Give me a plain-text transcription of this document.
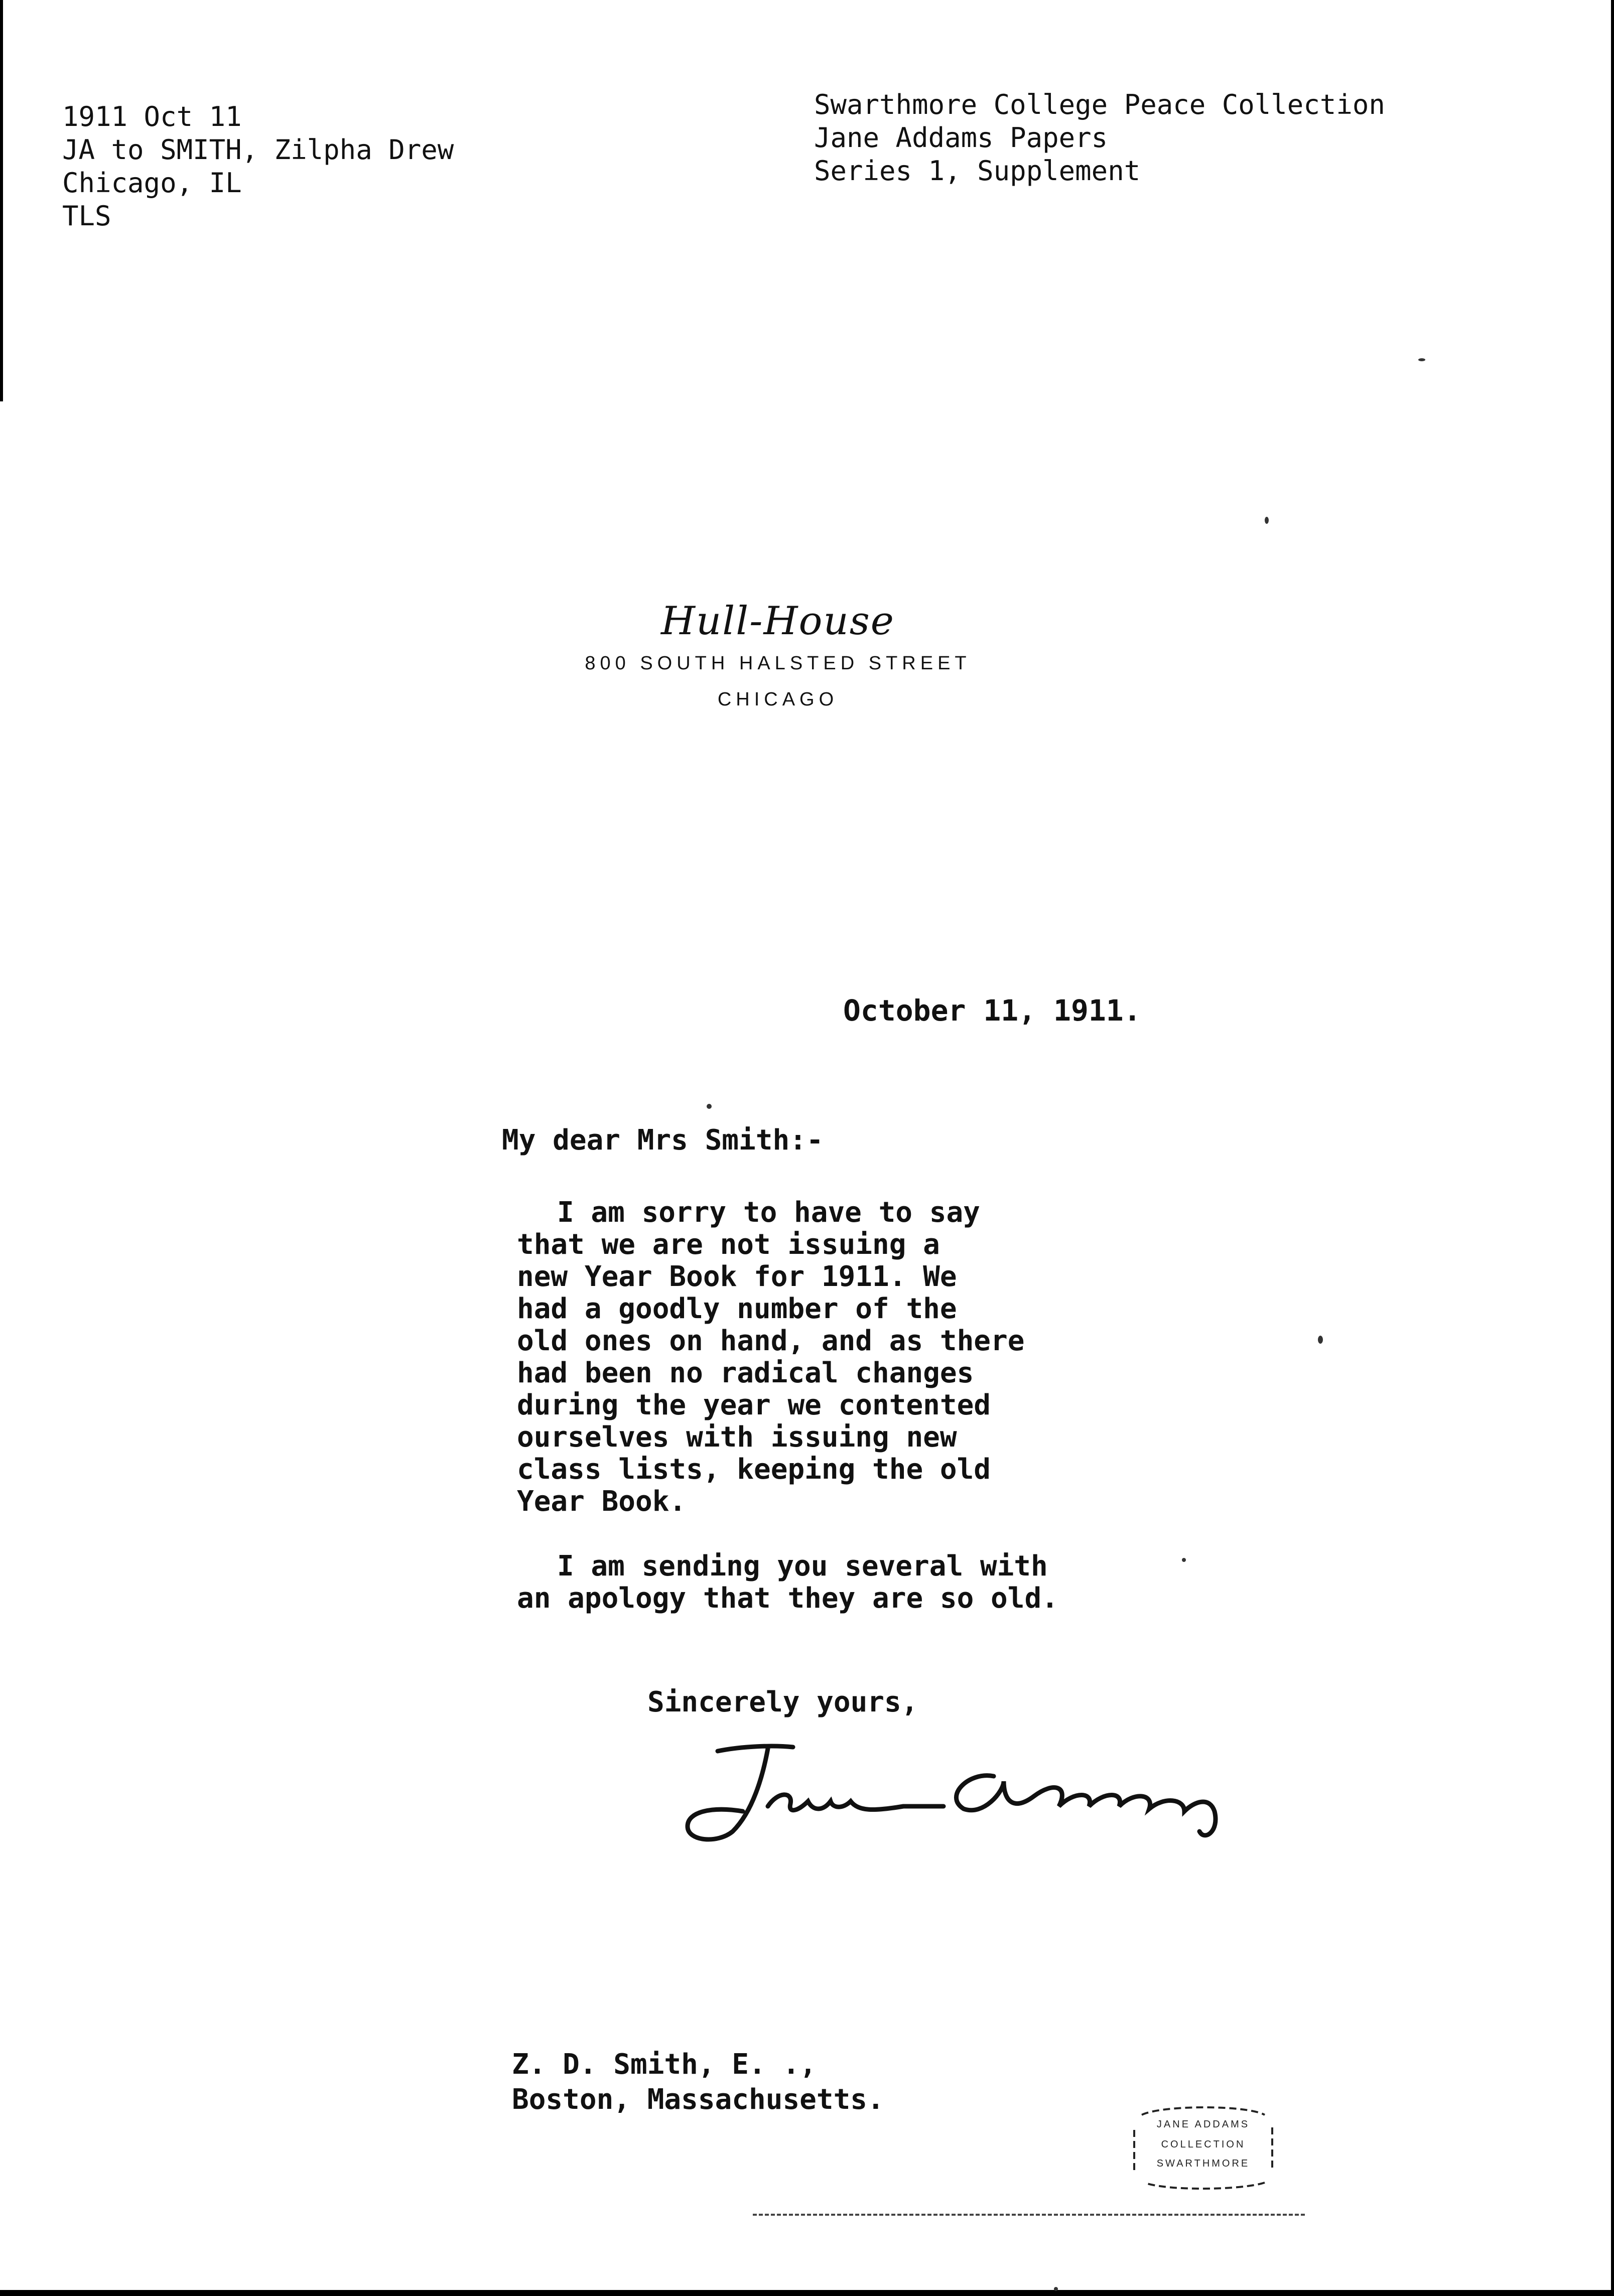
1911 Oct 11
JA to SMITH, Zilpha Drew
Chicago, IL
TLS
Swarthmore College Peace Collection
Jane Addams Papers
Series 1, Supplement
Hull-House
800 SOUTH HALSTED STREET
CHICAGO
October 11, 1911.
My dear Mrs Smith:-
I am sorry to have to say
that we are not issuing a
new Year Book for 1911. We
had a goodly number of the
old ones on hand, and as there
had been no radical changes
during the year we contented
ourselves with issuing new
class lists, keeping the old
Year Book.
I am sending you several with
an apology that they are so old.
Sincerely yours,
Z. D. Smith, E. .,
Boston, Massachusetts.
JANE ADDAMS
COLLECTION
SWARTHMORE
